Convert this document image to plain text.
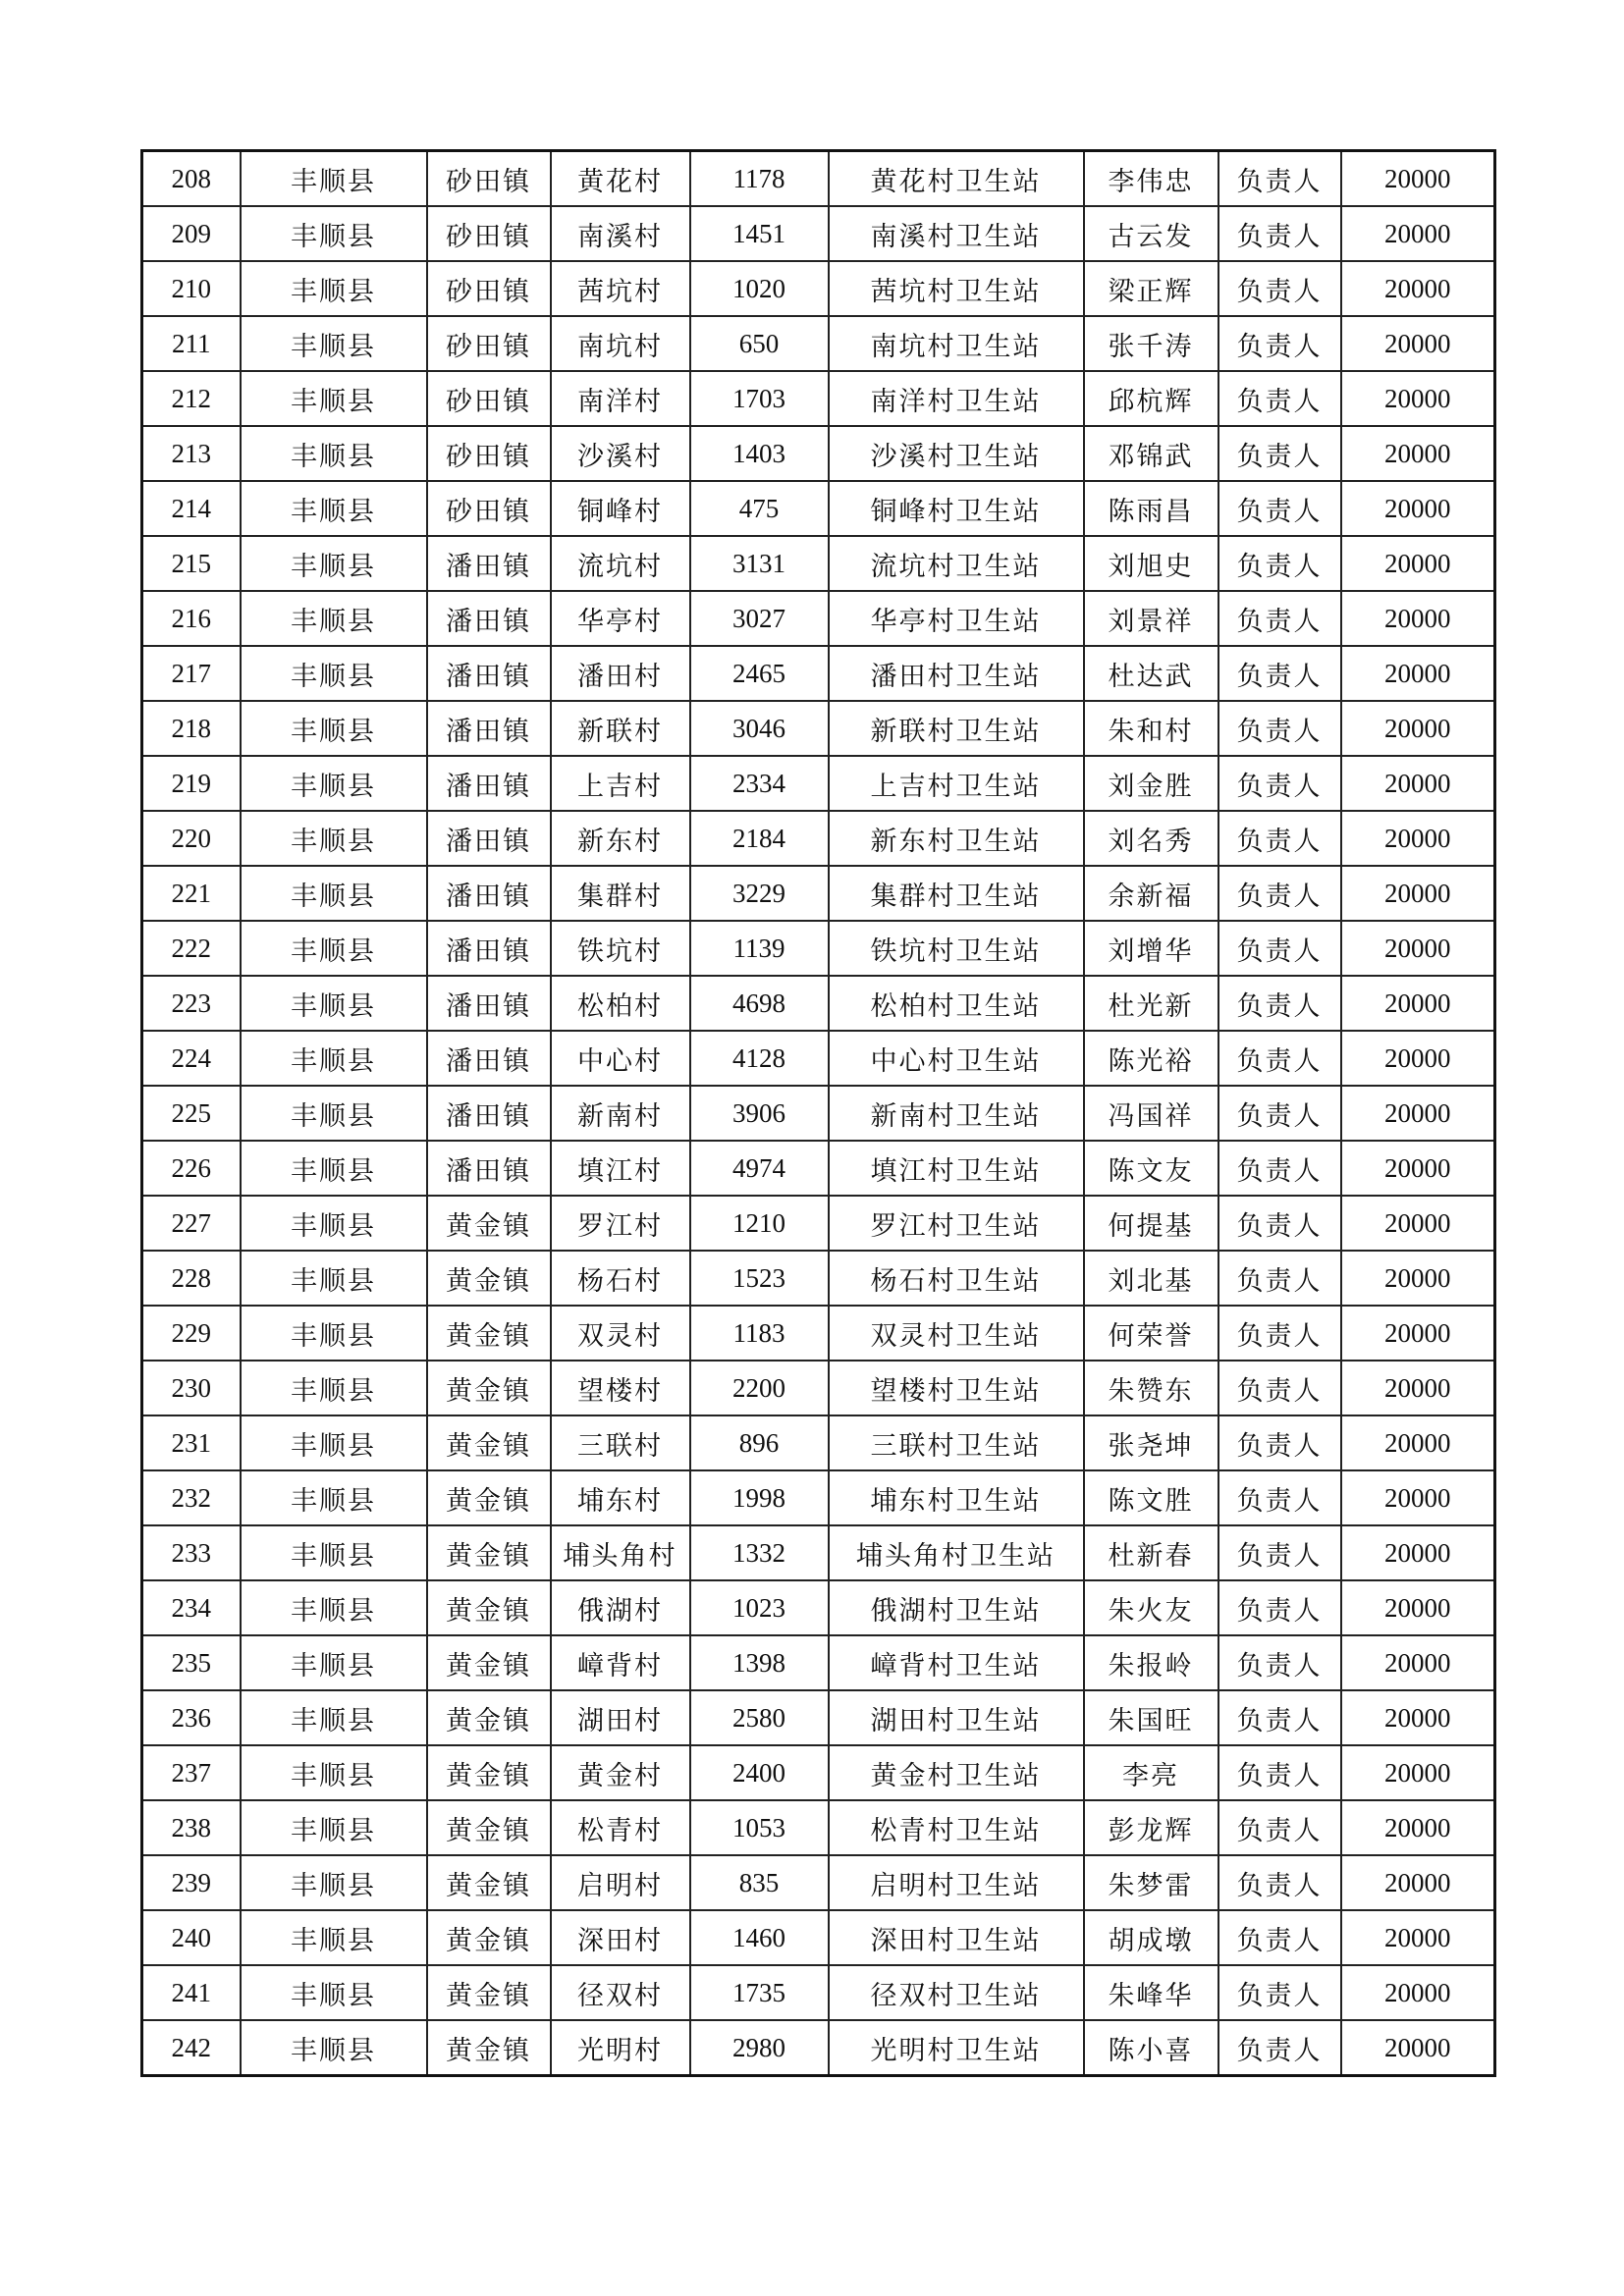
208	丰顺县	砂田镇	黄花村	1178	黄花村卫生站	李伟忠	负责人	20000
209	丰顺县	砂田镇	南溪村	1451	南溪村卫生站	古云发	负责人	20000
210	丰顺县	砂田镇	茜坑村	1020	茜坑村卫生站	梁正辉	负责人	20000
211	丰顺县	砂田镇	南坑村	650	南坑村卫生站	张千涛	负责人	20000
212	丰顺县	砂田镇	南洋村	1703	南洋村卫生站	邱杭辉	负责人	20000
213	丰顺县	砂田镇	沙溪村	1403	沙溪村卫生站	邓锦武	负责人	20000
214	丰顺县	砂田镇	铜峰村	475	铜峰村卫生站	陈雨昌	负责人	20000
215	丰顺县	潘田镇	流坑村	3131	流坑村卫生站	刘旭史	负责人	20000
216	丰顺县	潘田镇	华亭村	3027	华亭村卫生站	刘景祥	负责人	20000
217	丰顺县	潘田镇	潘田村	2465	潘田村卫生站	杜达武	负责人	20000
218	丰顺县	潘田镇	新联村	3046	新联村卫生站	朱和村	负责人	20000
219	丰顺县	潘田镇	上吉村	2334	上吉村卫生站	刘金胜	负责人	20000
220	丰顺县	潘田镇	新东村	2184	新东村卫生站	刘名秀	负责人	20000
221	丰顺县	潘田镇	集群村	3229	集群村卫生站	余新福	负责人	20000
222	丰顺县	潘田镇	铁坑村	1139	铁坑村卫生站	刘增华	负责人	20000
223	丰顺县	潘田镇	松柏村	4698	松柏村卫生站	杜光新	负责人	20000
224	丰顺县	潘田镇	中心村	4128	中心村卫生站	陈光裕	负责人	20000
225	丰顺县	潘田镇	新南村	3906	新南村卫生站	冯国祥	负责人	20000
226	丰顺县	潘田镇	填江村	4974	填江村卫生站	陈文友	负责人	20000
227	丰顺县	黄金镇	罗江村	1210	罗江村卫生站	何提基	负责人	20000
228	丰顺县	黄金镇	杨石村	1523	杨石村卫生站	刘北基	负责人	20000
229	丰顺县	黄金镇	双灵村	1183	双灵村卫生站	何荣誉	负责人	20000
230	丰顺县	黄金镇	望楼村	2200	望楼村卫生站	朱赞东	负责人	20000
231	丰顺县	黄金镇	三联村	896	三联村卫生站	张尧坤	负责人	20000
232	丰顺县	黄金镇	埔东村	1998	埔东村卫生站	陈文胜	负责人	20000
233	丰顺县	黄金镇	埔头角村	1332	埔头角村卫生站	杜新春	负责人	20000
234	丰顺县	黄金镇	俄湖村	1023	俄湖村卫生站	朱火友	负责人	20000
235	丰顺县	黄金镇	嶂背村	1398	嶂背村卫生站	朱报岭	负责人	20000
236	丰顺县	黄金镇	湖田村	2580	湖田村卫生站	朱国旺	负责人	20000
237	丰顺县	黄金镇	黄金村	2400	黄金村卫生站	李亮	负责人	20000
238	丰顺县	黄金镇	松青村	1053	松青村卫生站	彭龙辉	负责人	20000
239	丰顺县	黄金镇	启明村	835	启明村卫生站	朱梦雷	负责人	20000
240	丰顺县	黄金镇	深田村	1460	深田村卫生站	胡成墩	负责人	20000
241	丰顺县	黄金镇	径双村	1735	径双村卫生站	朱峰华	负责人	20000
242	丰顺县	黄金镇	光明村	2980	光明村卫生站	陈小喜	负责人	20000
